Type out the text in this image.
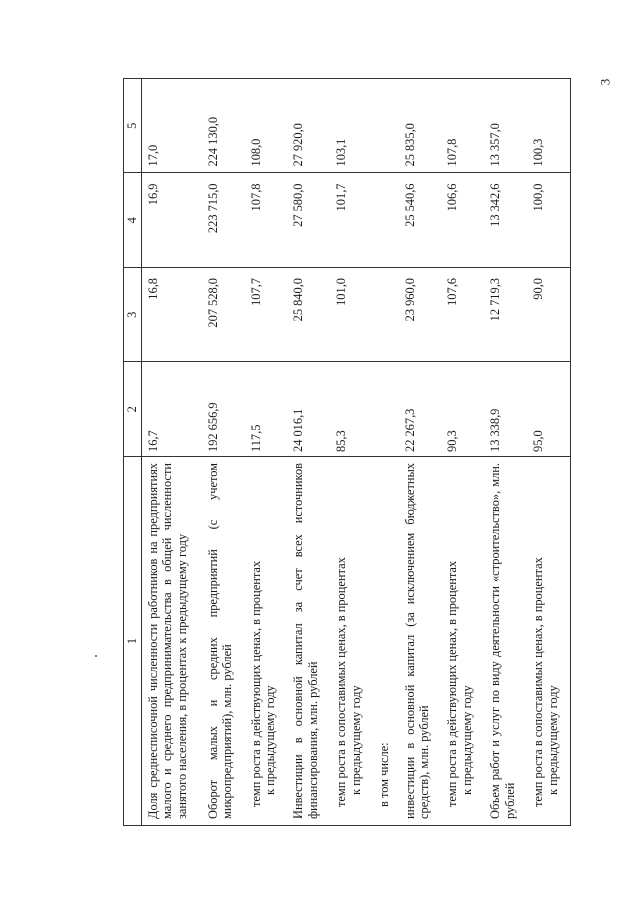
3
1	2	3	4	5
Доля среднесписочной численности работников на предприятиях малого и среднего предпринимательства в общей численности занятого населения, в процентах к предыдущему году	16,7	16,8	16,9	17,0
Оборот малых и средних предприятий (с учетом микропредприятий), млн. рублей	192 656,9	207 528,0	223 715,0	224 130,0
темп роста в действующих ценах, в процентах к предыдущему году	117,5	107,7	107,8	108,0
Инвестиции в основной капитал за счет всех источников финансирования, млн. рублей	24 016,1	25 840,0	27 580,0	27 920,0
темп роста в сопоставимых ценах, в процентах к предыдущему году	85,3	101,0	101,7	103,1
в том числе:				
инвестиции в основной капитал (за исключением бюджетных средств), млн. рублей	22 267,3	23 960,0	25 540,6	25 835,0
темп роста в действующих ценах, в процентах к предыдущему году	90,3	107,6	106,6	107,8
Объем работ и услуг по виду деятельности «строительство», млн. рублей	13 338,9	12 719,3	13 342,6	13 357,0
темп роста в сопоставимых ценах, в процентах к предыдущему году	95,0	90,0	100,0	100,3
